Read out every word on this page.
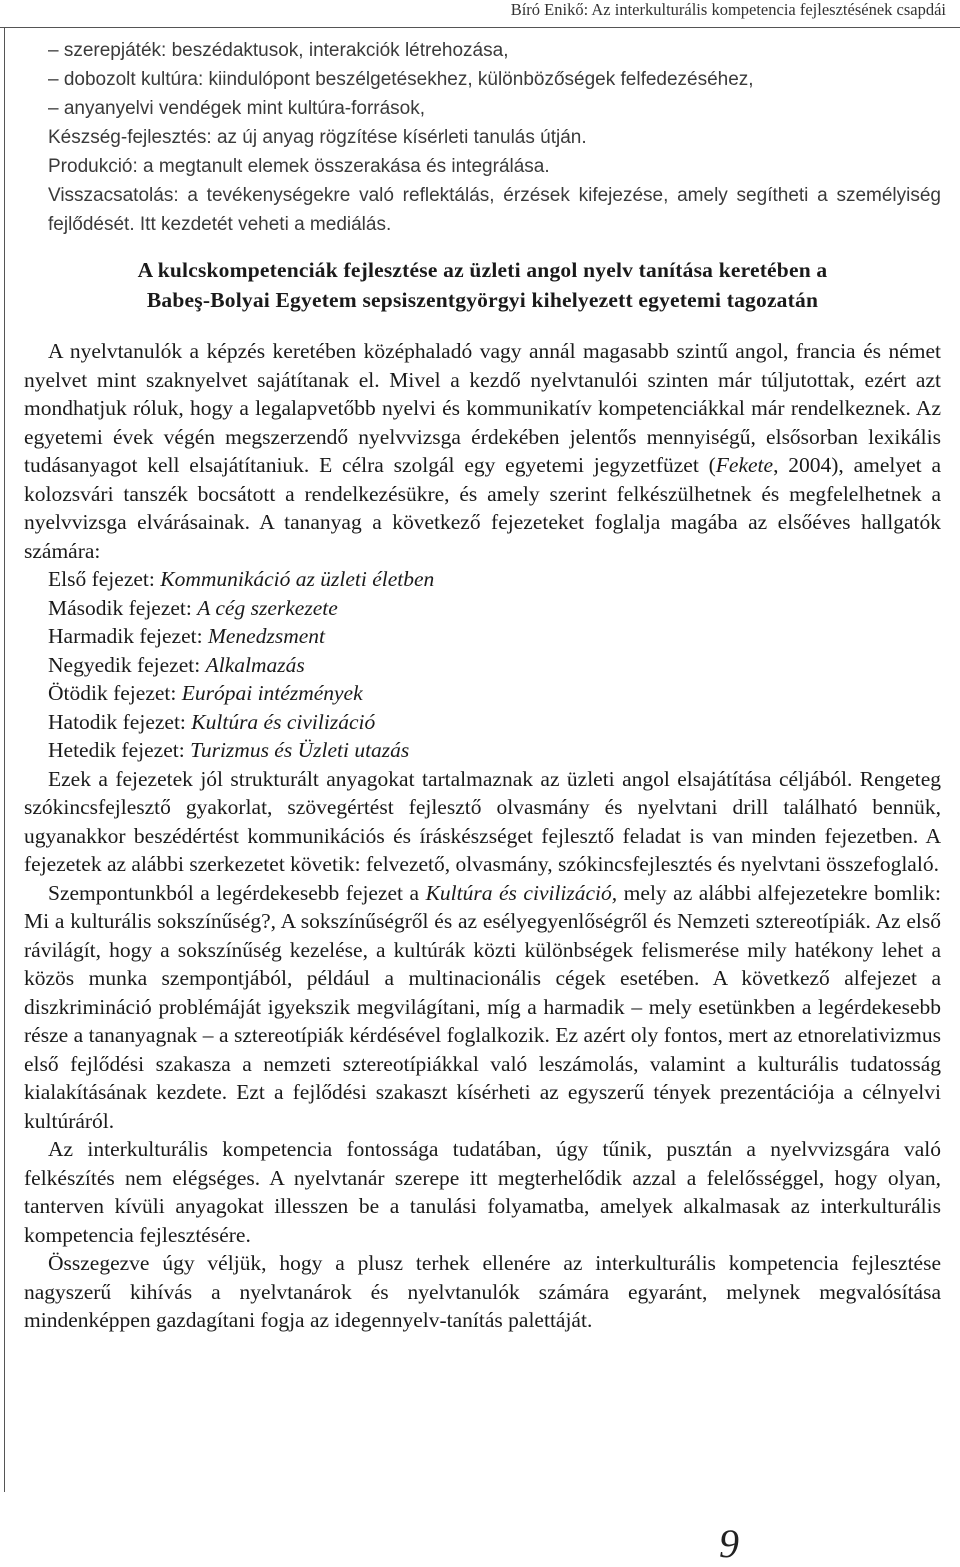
Bíró Enikő: Az interkulturális kompetencia fejlesztésének csapdái

– szerepjáték: beszédaktusok, interakciók létrehozása,

– dobozolt kultúra: kiindulópont beszélgetésekhez, különbözőségek felfedezéséhez,

– anyanyelvi vendégek mint kultúra-források,

Készség-fejlesztés: az új anyag rögzítése kísérleti tanulás útján.

Produkció: a megtanult elemek összerakása és integrálása.

Visszacsatolás: a tevékenységekre való reflektálás, érzések kifejezése, amely segítheti a személyiség fejlődését. Itt kezdetét veheti a mediálás.

A kulcskompetenciák fejlesztése az üzleti angol nyelv tanítása keretében a
Babeş-Bolyai Egyetem sepsiszentgyörgyi kihelyezett egyetemi tagozatán

A nyelvtanulók a képzés keretében középhaladó vagy annál magasabb szintű angol, francia és német nyelvet mint szaknyelvet sajátítanak el. Mivel a kezdő nyelvtanulói szinten már túljutottak, ezért azt mondhatjuk róluk, hogy a legalapvetőbb nyelvi és kommunikatív kompetenciákkal már rendelkeznek. Az egyetemi évek végén megszerzendő nyelvvizsga érdekében jelentős mennyiségű, elsősorban lexikális tudásanyagot kell elsajátítaniuk. E célra szolgál egy egyetemi jegyzetfüzet (Fekete, 2004), amelyet a kolozsvári tanszék bocsátott a rendelkezésükre, és amely szerint felkészülhetnek és megfelelhetnek a nyelvvizsga elvárásainak. A tananyag a következő fejezeteket foglalja magába az elsőéves hallgatók számára:

Első fejezet: Kommunikáció az üzleti életben
Második fejezet: A cég szerkezete
Harmadik fejezet: Menedzsment
Negyedik fejezet: Alkalmazás
Ötödik fejezet: Európai intézmények
Hatodik fejezet: Kultúra és civilizáció
Hetedik fejezet: Turizmus és Üzleti utazás

Ezek a fejezetek jól strukturált anyagokat tartalmaznak az üzleti angol elsajátítása céljából. Rengeteg szókincsfejlesztő gyakorlat, szövegértést fejlesztő olvasmány és nyelvtani drill található bennük, ugyanakkor beszédértést kommunikációs és íráskészséget fejlesztő feladat is van minden fejezetben. A fejezetek az alábbi szerkezetet követik: felvezető, olvasmány, szókincsfejlesztés és nyelvtani összefoglaló.

Szempontunkból a legérdekesebb fejezet a Kultúra és civilizáció, mely az alábbi alfejezetekre bomlik: Mi a kulturális sokszínűség?, A sokszínűségről és az esélyegyenlőségről és Nemzeti sztereotípiák. Az első rávilágít, hogy a sokszínűség kezelése, a kultúrák közti különbségek felismerése mily hatékony lehet a közös munka szempontjából, például a multinacionális cégek esetében. A következő alfejezet a diszkrimináció problémáját igyekszik megvilágítani, míg a harmadik – mely esetünkben a legérdekesebb része a tananyagnak – a sztereotípiák kérdésével foglalkozik. Ez azért oly fontos, mert az etnorelativizmus első fejlődési szakasza a nemzeti sztereotípiákkal való leszámolás, valamint a kulturális tudatosság kialakításának kezdete. Ezt a fejlődési szakaszt kísérheti az egyszerű tények prezentációja a célnyelvi kultúráról.

Az interkulturális kompetencia fontossága tudatában, úgy tűnik, pusztán a nyelvvizsgára való felkészítés nem elégséges. A nyelvtanár szerepe itt megterhelődik azzal a felelősséggel, hogy olyan, tanterven kívüli anyagokat illesszen be a tanulási folyamatba, amelyek alkalmasak az interkulturális kompetencia fejlesztésére.

Összegezve úgy véljük, hogy a plusz terhek ellenére az interkulturális kompetencia fejlesztése nagyszerű kihívás a nyelvtanárok és nyelvtanulók számára egyaránt, melynek megvalósítása mindenképpen gazdagítani fogja az idegennyelv-tanítás palettáját.

9
